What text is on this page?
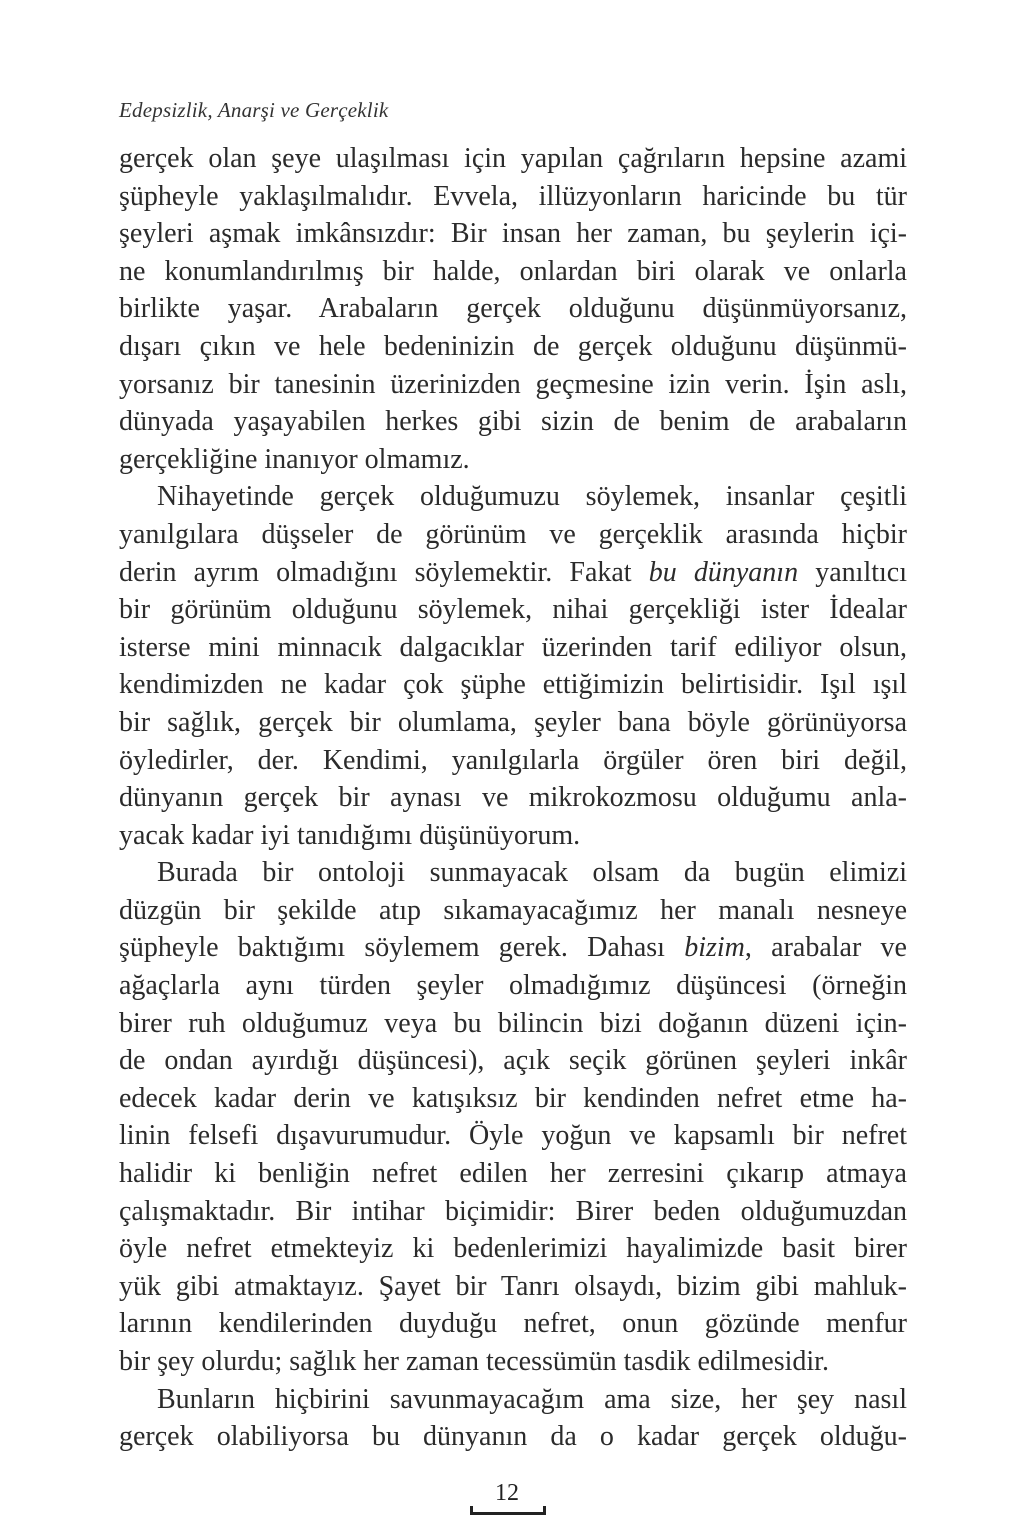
Edepsizlik, Anarşi ve Gerçeklik
gerçek olan şeye ulaşılması için yapılan çağrıların hepsine azami
şüpheyle yaklaşılmalıdır. Evvela, illüzyonların haricinde bu tür
şeyleri aşmak imkânsızdır: Bir insan her zaman, bu şeylerin içi-
ne konumlandırılmış bir halde, onlardan biri olarak ve onlarla
birlikte yaşar. Arabaların gerçek olduğunu düşünmüyorsanız,
dışarı çıkın ve hele bedeninizin de gerçek olduğunu düşünmü-
yorsanız bir tanesinin üzerinizden geçmesine izin verin. İşin aslı,
dünyada yaşayabilen herkes gibi sizin de benim de arabaların
gerçekliğine inanıyor olmamız.
Nihayetinde gerçek olduğumuzu söylemek, insanlar çeşitli
yanılgılara düşseler de görünüm ve gerçeklik arasında hiçbir
derin ayrım olmadığını söylemektir. Fakat bu dünyanın yanıltıcı
bir görünüm olduğunu söylemek, nihai gerçekliği ister İdealar
isterse mini minnacık dalgacıklar üzerinden tarif ediliyor olsun,
kendimizden ne kadar çok şüphe ettiğimizin belirtisidir. Işıl ışıl
bir sağlık, gerçek bir olumlama, şeyler bana böyle görünüyorsa
öyledirler, der. Kendimi, yanılgılarla örgüler ören biri değil,
dünyanın gerçek bir aynası ve mikrokozmosu olduğumu anla-
yacak kadar iyi tanıdığımı düşünüyorum.
Burada bir ontoloji sunmayacak olsam da bugün elimizi
düzgün bir şekilde atıp sıkamayacağımız her manalı nesneye
şüpheyle baktığımı söylemem gerek. Dahası bizim, arabalar ve
ağaçlarla aynı türden şeyler olmadığımız düşüncesi (örneğin
birer ruh olduğumuz veya bu bilincin bizi doğanın düzeni için-
de ondan ayırdığı düşüncesi), açık seçik görünen şeyleri inkâr
edecek kadar derin ve katışıksız bir kendinden nefret etme ha-
linin felsefi dışavurumudur. Öyle yoğun ve kapsamlı bir nefret
halidir ki benliğin nefret edilen her zerresini çıkarıp atmaya
çalışmaktadır. Bir intihar biçimidir: Birer beden olduğumuzdan
öyle nefret etmekteyiz ki bedenlerimizi hayalimizde basit birer
yük gibi atmaktayız. Şayet bir Tanrı olsaydı, bizim gibi mahluk-
larının kendilerinden duyduğu nefret, onun gözünde menfur
bir şey olurdu; sağlık her zaman tecessümün tasdik edilmesidir.
Bunların hiçbirini savunmayacağım ama size, her şey nasıl
gerçek olabiliyorsa bu dünyanın da o kadar gerçek olduğu-
12
